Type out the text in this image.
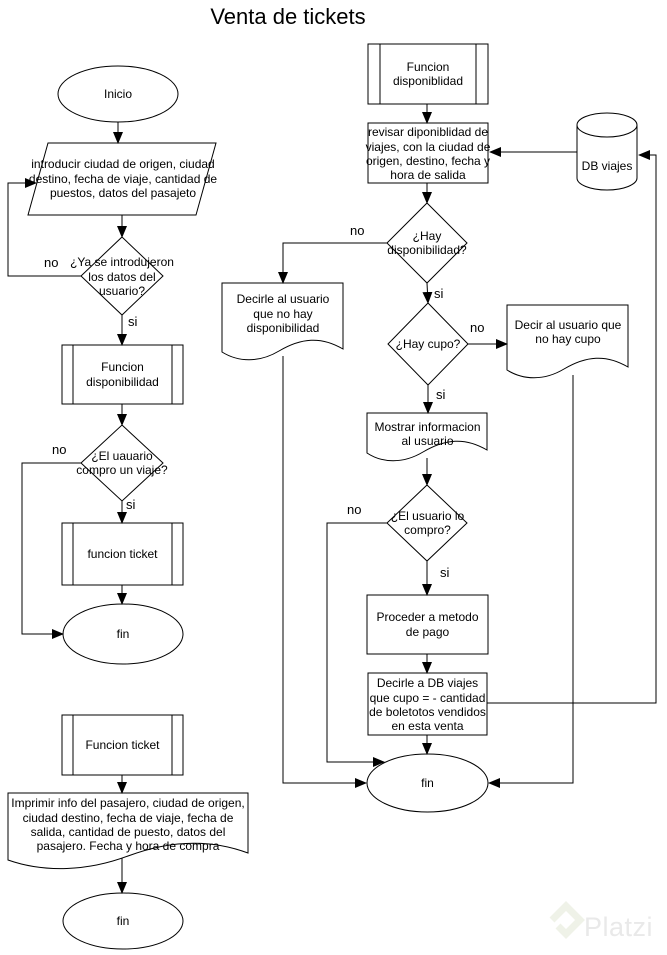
Venta de tickets
Inicio
introducir ciudad de origen, ciudad destino, fecha de viaje, cantidad de puestos, datos del pasajeto
¿Ya se introdujeron los datos del usuario?
Funcion disponibilidad
¿El uauario compro un viaje?
funcion ticket
fin
Funcion ticket
Imprimir info del pasajero, ciudad de origen, ciudad destino, fecha de viaje, fecha de salida, cantidad de puesto, datos del pasajero. Fecha y hora de compra
fin
Funcion disponiblidad
revisar diponiblidad de viajes, con la ciudad de origen, destino, fecha y hora de salida
DB viajes
¿Hay disponibilidad?
Decirle al usuario que no hay disponibilidad
¿Hay cupo?
Decir al usuario que no hay cupo
Mostrar informacion al usuario
¿El usuario lo compro?
Proceder a metodo de pago
Decirle a DB viajes que cupo = - cantidad de boletotos vendidos en esta venta
fin
no
si
no
si
no
si
no
si
no
si
Platzi
